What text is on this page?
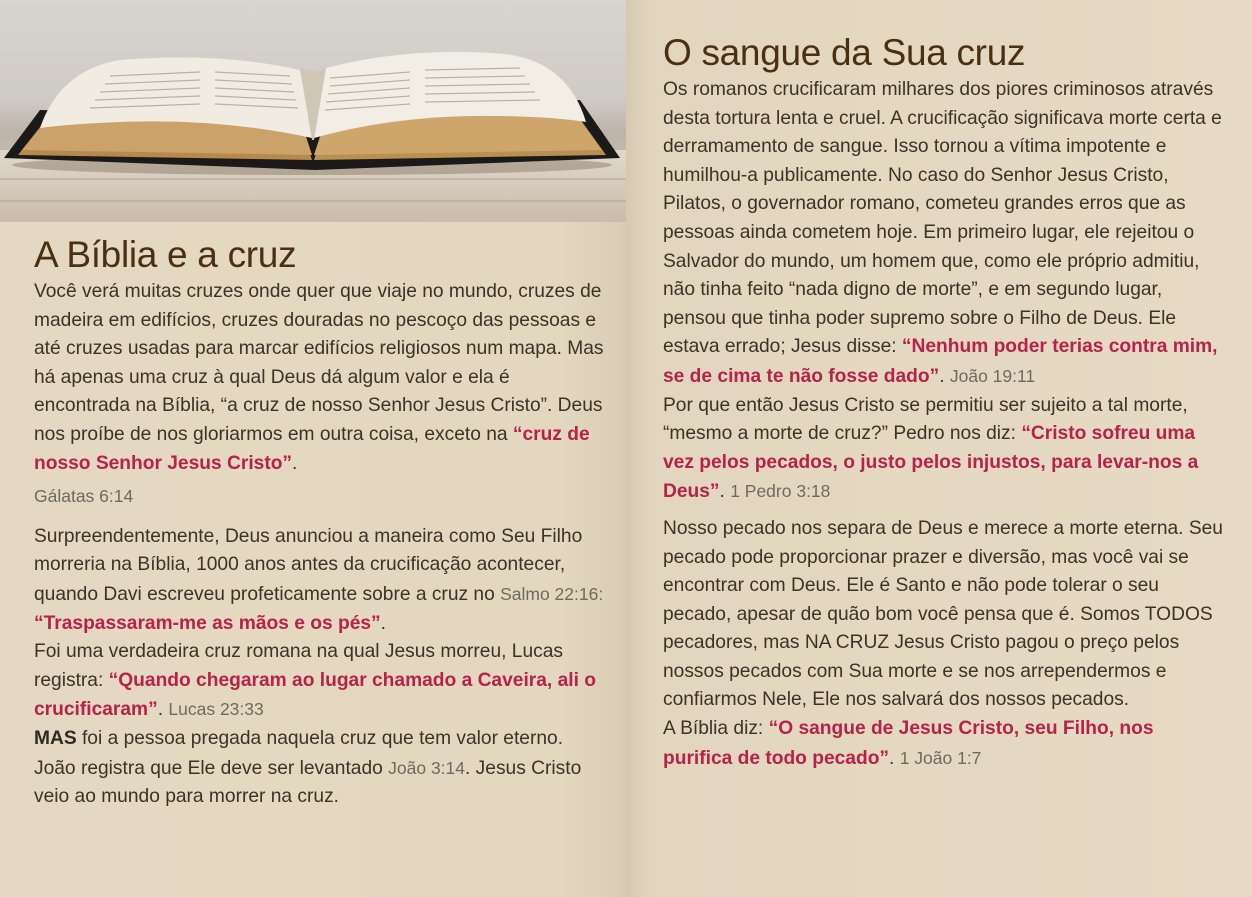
A Bíblia e a cruz

Você verá muitas cruzes onde quer que viaje no mundo, cruzes de madeira em edifícios, cruzes douradas no pescoço das pessoas e até cruzes usadas para marcar edifícios religiosos num mapa. Mas há apenas uma cruz à qual Deus dá algum valor e ela é encontrada na Bíblia, “a cruz de nosso Senhor Jesus Cristo”. Deus nos proíbe de nos gloriarmos em outra coisa, exceto na “cruz de nosso Senhor Jesus Cristo”.

Gálatas 6:14

Surpreendentemente, Deus anunciou a maneira como Seu Filho morreria na Bíblia, 1000 anos antes da crucificação acontecer, quando Davi escreveu profeticamente sobre a cruz no Salmo 22:16:
“Traspassaram-me as mãos e os pés”.

Foi uma verdadeira cruz romana na qual Jesus morreu, Lucas registra: “Quando chegaram ao lugar chamado a Caveira, ali o crucificaram”. Lucas 23:33

MAS foi a pessoa pregada naquela cruz que tem valor eterno. João registra que Ele deve ser levantado João 3:14. Jesus Cristo veio ao mundo para morrer na cruz.

O sangue da Sua cruz

Os romanos crucificaram milhares dos piores criminosos através desta tortura lenta e cruel. A crucificação significava morte certa e derramamento de sangue. Isso tornou a vítima impotente e humilhou-a publicamente. No caso do Senhor Jesus Cristo, Pilatos, o governador romano, cometeu grandes erros que as pessoas ainda cometem hoje. Em primeiro lugar, ele rejeitou o Salvador do mundo, um homem que, como ele próprio admitiu, não tinha feito “nada digno de morte”, e em segundo lugar, pensou que tinha poder supremo sobre o Filho de Deus. Ele estava errado; Jesus disse: “Nenhum poder terias contra mim, se de cima te não fosse dado”. João 19:11

Por que então Jesus Cristo se permitiu ser sujeito a tal morte, “mesmo a morte de cruz?” Pedro nos diz: “Cristo sofreu uma vez pelos pecados, o justo pelos injustos, para levar-nos a Deus”. 1 Pedro 3:18

Nosso pecado nos separa de Deus e merece a morte eterna. Seu pecado pode proporcionar prazer e diversão, mas você vai se encontrar com Deus. Ele é Santo e não pode tolerar o seu pecado, apesar de quão bom você pensa que é. Somos TODOS pecadores, mas NA CRUZ Jesus Cristo pagou o preço pelos nossos pecados com Sua morte e se nos arrependermos e confiarmos Nele, Ele nos salvará dos nossos pecados.

A Bíblia diz: “O sangue de Jesus Cristo, seu Filho, nos purifica de todo pecado”. 1 João 1:7
